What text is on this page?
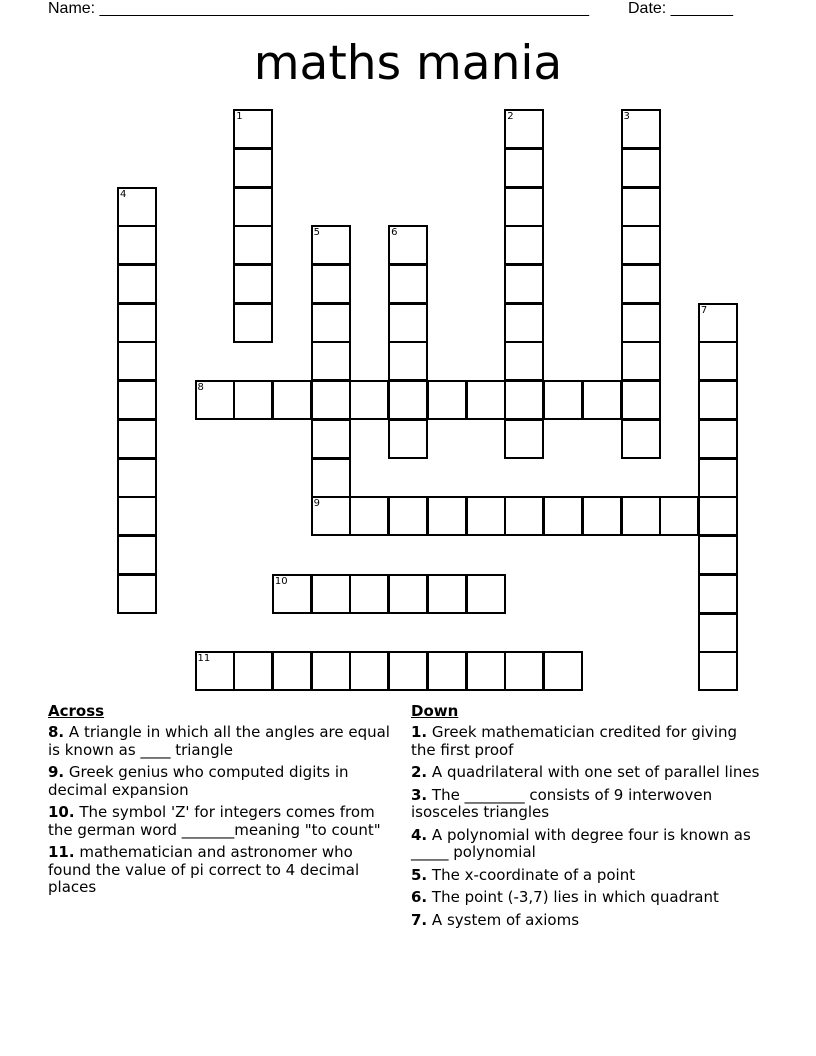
Name: _______________________________________________________ Date: _______
maths mania
1	2	3
4
5
9
6
7
8
10
11
Across
8. A triangle in which all the angles are equal is known as ____ triangle
9. Greek genius who computed digits in decimal expansion
10. The symbol 'Z' for integers comes from the german word _______meaning "to count"
11. mathematician and astronomer who found the value of pi correct to 4 decimal places
Down
1. Greek mathematician credited for giving the first proof
2. A quadrilateral with one set of parallel lines
3. The ________ consists of 9 interwoven isosceles triangles
4. A polynomial with degree four is known as _____ polynomial
5. The x-coordinate of a point
6. The point (-3,7) lies in which quadrant
7. A system of axioms
